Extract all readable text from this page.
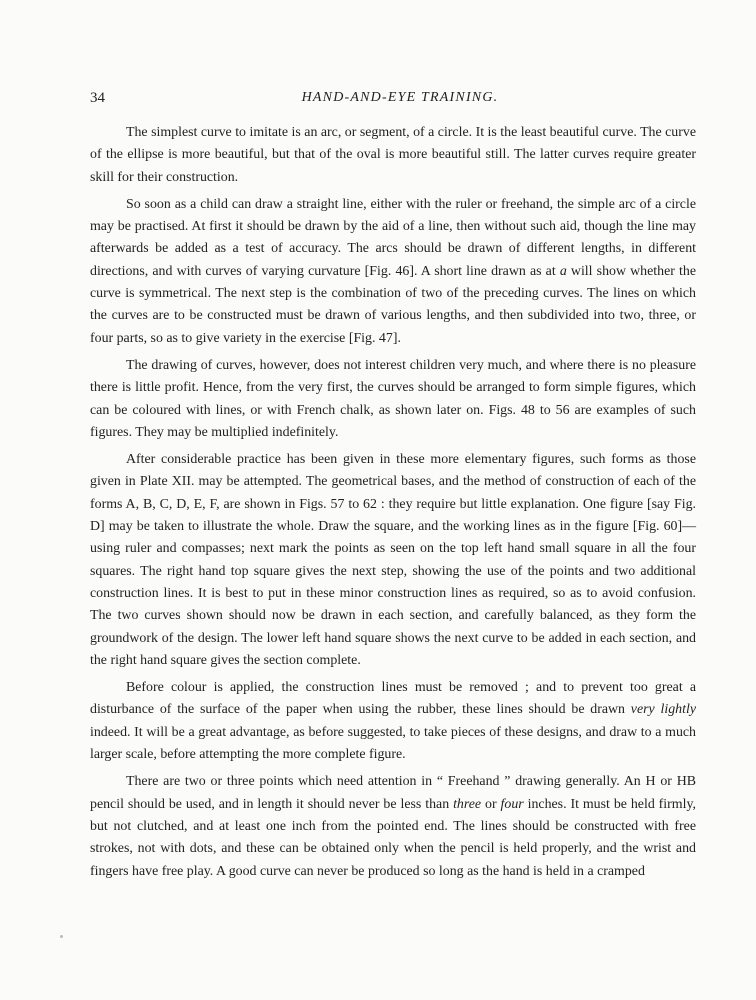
34	HAND-AND-EYE TRAINING.

The simplest curve to imitate is an arc, or segment, of a circle. It is the least beautiful curve. The curve of the ellipse is more beautiful, but that of the oval is more beautiful still. The latter curves require greater skill for their construction.

So soon as a child can draw a straight line, either with the ruler or freehand, the simple arc of a circle may be practised. At first it should be drawn by the aid of a line, then without such aid, though the line may afterwards be added as a test of accuracy. The arcs should be drawn of different lengths, in different directions, and with curves of varying curvature [Fig. 46]. A short line drawn as at a will show whether the curve is symmetrical. The next step is the combination of two of the preceding curves. The lines on which the curves are to be constructed must be drawn of various lengths, and then subdivided into two, three, or four parts, so as to give variety in the exercise [Fig. 47].

The drawing of curves, however, does not interest children very much, and where there is no pleasure there is little profit. Hence, from the very first, the curves should be arranged to form simple figures, which can be coloured with lines, or with French chalk, as shown later on. Figs. 48 to 56 are examples of such figures. They may be multiplied indefinitely.

After considerable practice has been given in these more elementary figures, such forms as those given in Plate XII. may be attempted. The geometrical bases, and the method of construction of each of the forms A, B, C, D, E, F, are shown in Figs. 57 to 62 : they require but little explanation. One figure [say Fig. D] may be taken to illustrate the whole. Draw the square, and the working lines as in the figure [Fig. 60]—using ruler and compasses; next mark the points as seen on the top left hand small square in all the four squares. The right hand top square gives the next step, showing the use of the points and two additional construction lines. It is best to put in these minor construction lines as required, so as to avoid confusion. The two curves shown should now be drawn in each section, and carefully balanced, as they form the groundwork of the design. The lower left hand square shows the next curve to be added in each section, and the right hand square gives the section complete.

Before colour is applied, the construction lines must be removed ; and to prevent too great a disturbance of the surface of the paper when using the rubber, these lines should be drawn very lightly indeed. It will be a great advantage, as before suggested, to take pieces of these designs, and draw to a much larger scale, before attempting the more complete figure.

There are two or three points which need attention in “ Freehand ” drawing generally. An H or HB pencil should be used, and in length it should never be less than three or four inches. It must be held firmly, but not clutched, and at least one inch from the pointed end. The lines should be constructed with free strokes, not with dots, and these can be obtained only when the pencil is held properly, and the wrist and fingers have free play. A good curve can never be produced so long as the hand is held in a cramped
